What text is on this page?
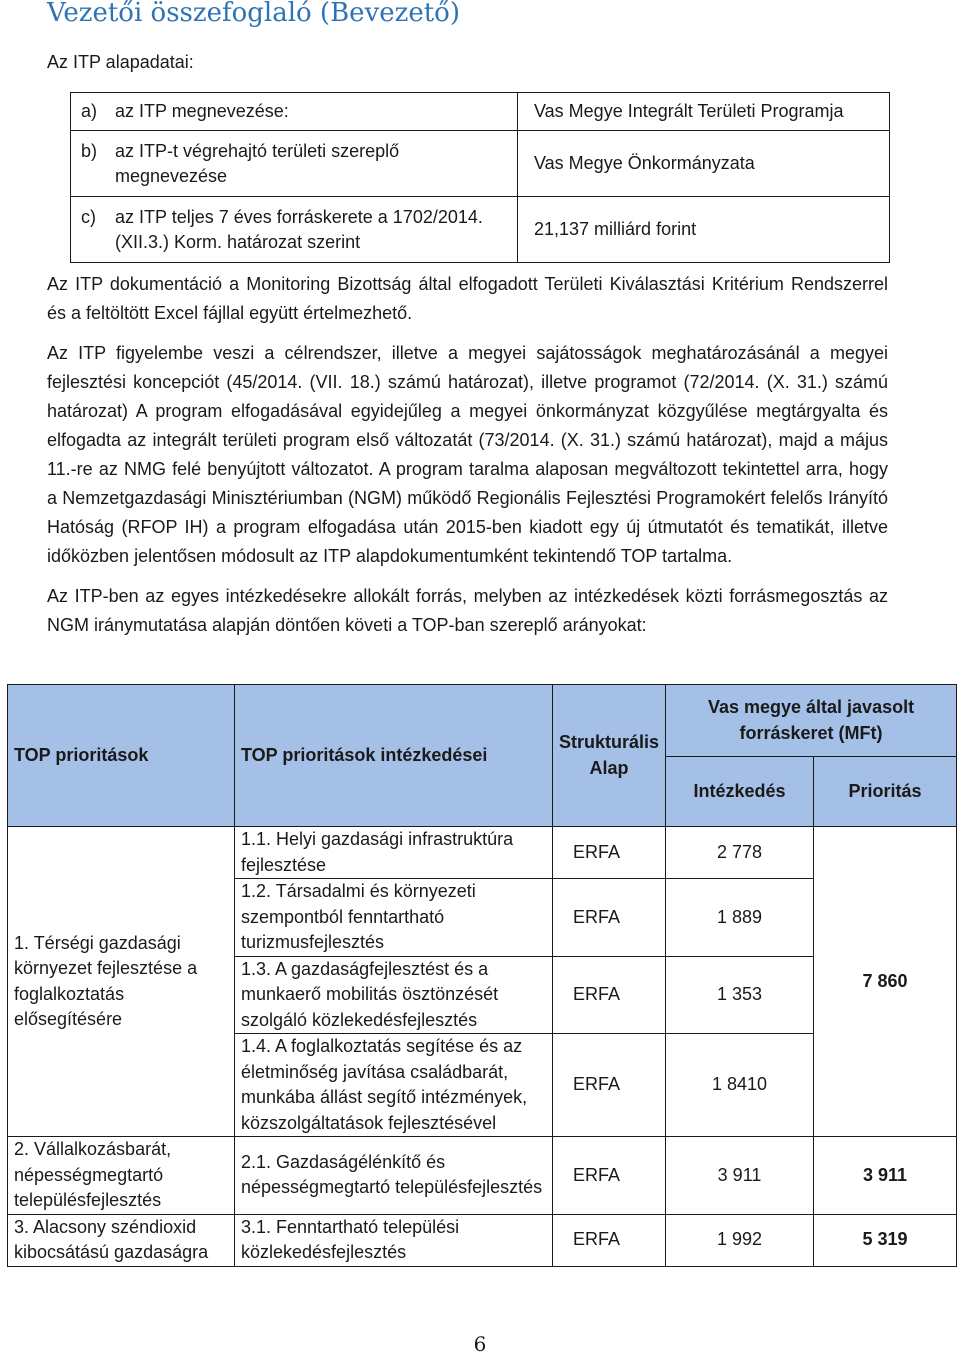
Vezetői összefoglaló (Bevezető)
Az ITP alapadatai:
a) az ITP megnevezése:	Vas Megye Integrált Területi Programja

b) az ITP-t végrehajtó területi szereplő megnevezése	Vas Megye Önkormányzata

c) az ITP teljes 7 éves forráskerete a 1702/2014. (XII.3.) Korm. határozat szerint	21,137 milliárd forint

Az ITP dokumentáció a Monitoring Bizottság által elfogadott Területi Kiválasztási Kritérium Rendszerrel és a feltöltött Excel fájllal együtt értelmezhető.

Az ITP figyelembe veszi a célrendszer, illetve a megyei sajátosságok meghatározásánál a megyei fejlesztési koncepciót (45/2014. (VII. 18.) számú határozat), illetve programot (72/2014. (X. 31.) számú határozat) A program elfogadásával egyidejűleg a megyei önkormányzat közgyűlése megtárgyalta és elfogadta az integrált területi program első változatát (73/2014. (X. 31.) számú határozat), majd a május 11.-re az NMG felé benyújtott változatot. A program taralma alaposan megváltozott tekintettel arra, hogy a Nemzetgazdasági Minisztériumban (NGM) működő Regionális Fejlesztési Programokért felelős Irányító Hatóság (RFOP IH) a program elfogadása után 2015-ben kiadott egy új útmutatót és tematikát, illetve időközben jelentősen módosult az ITP alapdokumentumként tekintendő TOP tartalma.

Az ITP-ben az egyes intézkedésekre allokált forrás, melyben az intézkedések közti forrásmegosztás az NGM iránymutatása alapján döntően követi a TOP-ban szereplő arányokat:

TOP prioritások	TOP prioritások intézkedései	Strukturális Alap	Vas megye által javasolt forráskeret (MFt)	
			Intézkedés	Prioritás
1. Térségi gazdasági környezet fejlesztése a foglalkoztatás elősegítésére	1.1. Helyi gazdasági infrastruktúra fejlesztése	ERFA	2 778	7 860
	1.2. Társadalmi és környezeti szempontból fenntartható turizmusfejlesztés	ERFA	1 889	
	1.3. A gazdaságfejlesztést és a munkaerő mobilitás ösztönzését szolgáló közlekedésfejlesztés	ERFA	1 353	
	1.4. A foglalkoztatás segítése és az életminőség javítása családbarát, munkába állást segítő intézmények, közszolgáltatások fejlesztésével	ERFA	1 8410	
2. Vállalkozásbarát, népességmegtartó településfejlesztés	2.1. Gazdaságélénkítő és népességmegtartó településfejlesztés	ERFA	3 911	3 911
3. Alacsony széndioxid kibocsátású gazdaságra	3.1. Fenntartható települési közlekedésfejlesztés	ERFA	1 992	5 319
6
